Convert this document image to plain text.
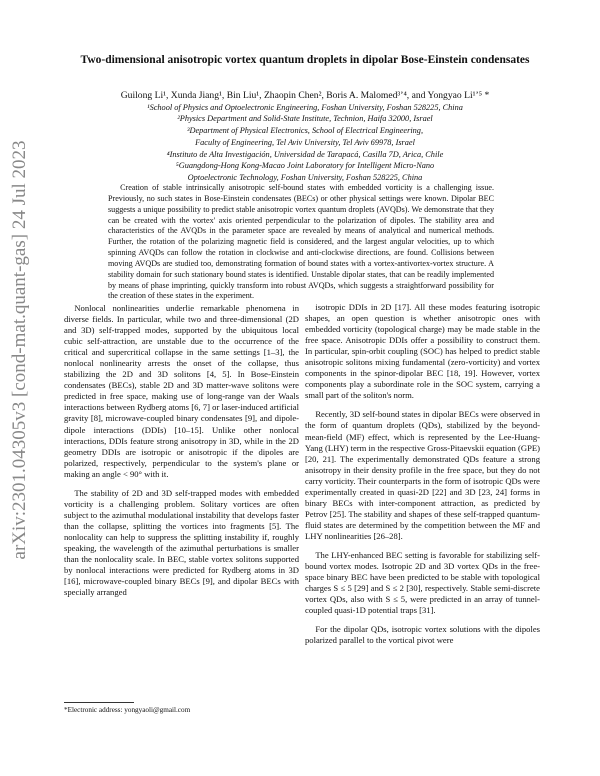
arXiv:2301.04305v3 [cond-mat.quant-gas] 24 Jul 2023
Two-dimensional anisotropic vortex quantum droplets in dipolar Bose-Einstein condensates
Guilong Li¹, Xunda Jiang¹, Bin Liu¹, Zhaopin Chen², Boris A. Malomed³ʼ⁴, and Yongyao Li¹ʼ⁵ *
¹School of Physics and Optoelectronic Engineering, Foshan University, Foshan 528225, China
²Physics Department and Solid-State Institute, Technion, Haifa 32000, Israel
³Department of Physical Electronics, School of Electrical Engineering,
Faculty of Engineering, Tel Aviv University, Tel Aviv 69978, Israel
⁴Instituto de Alta Investigación, Universidad de Tarapacá, Casilla 7D, Arica, Chile
⁵Guangdong-Hong Kong-Macao Joint Laboratory for Intelligent Micro-Nano
Optoelectronic Technology, Foshan University, Foshan 528225, China

Creation of stable intrinsically anisotropic self-bound states with embedded vorticity is a challenging issue. Previously, no such states in Bose-Einstein condensates (BECs) or other physical settings were known. Dipolar BEC suggests a unique possibility to predict stable anisotropic vortex quantum droplets (AVQDs). We demonstrate that they can be created with the vortex' axis oriented perpendicular to the polarization of dipoles. The stability area and characteristics of the AVQDs in the parameter space are revealed by means of analytical and numerical methods. Further, the rotation of the polarizing magnetic field is considered, and the largest angular velocities, up to which spinning AVQDs can follow the rotation in clockwise and anti-clockwise directions, are found. Collisions between moving AVQDs are studied too, demonstrating formation of bound states with a vortex-antivortex-vortex structure. A stability domain for such stationary bound states is identified. Unstable dipolar states, that can be readily implemented by means of phase imprinting, quickly transform into robust AVQDs, which suggests a straightforward possibility for the creation of these states in the experiment.

Nonlocal nonlinearities underlie remarkable phenomena in diverse fields. In particular, while two and three-dimensional (2D and 3D) self-trapped modes, supported by the ubiquitous local cubic self-attraction, are unstable due to the occurrence of the critical and supercritical collapse in the same settings [1–3], the nonlocal nonlinearity arrests the onset of the collapse, thus stabilizing the 2D and 3D solitons [4, 5]. In Bose-Einstein condensates (BECs), stable 2D and 3D matter-wave solitons were predicted in free space, making use of long-range van der Waals interactions between Rydberg atoms [6, 7] or laser-induced artificial gravity [8], microwave-coupled binary condensates [9], and dipole-dipole interactions (DDIs) [10–15]. Unlike other nonlocal interactions, DDIs feature strong anisotropy in 3D, while in the 2D geometry DDIs are isotropic or anisotropic if the dipoles are polarized, respectively, perpendicular to the system's plane or making an angle < 90° with it.

The stability of 2D and 3D self-trapped modes with embedded vorticity is a challenging problem. Solitary vortices are often subject to the azimuthal modulational instability that develops faster than the collapse, splitting the vortices into fragments [5]. The nonlocality can help to suppress the splitting instability if, roughly speaking, the wavelength of the azimuthal perturbations is smaller than the nonlocality scale. In BEC, stable vortex solitons supported by nonlocal interactions were predicted for Rydberg atoms in 3D [16], microwave-coupled binary BECs [9], and dipolar BECs with specially arranged

isotropic DDIs in 2D [17]. All these modes featuring isotropic shapes, an open question is whether anisotropic ones with embedded vorticity (topological charge) may be made stable in the free space. Anisotropic DDIs offer a possibility to construct them. In particular, spin-orbit coupling (SOC) has helped to predict stable anisotropic solitons mixing fundamental (zero-vorticity) and vortex components in the spinor-dipolar BEC [18, 19]. However, vortex components play a subordinate role in the SOC system, carrying a small part of the soliton's norm.

Recently, 3D self-bound states in dipolar BECs were observed in the form of quantum droplets (QDs), stabilized by the beyond-mean-field (MF) effect, which is represented by the Lee-Huang-Yang (LHY) term in the respective Gross-Pitaevskii equation (GPE) [20, 21]. The experimentally demonstrated QDs feature a strong anisotropy in their density profile in the free space, but they do not carry vorticity. Their counterparts in the form of isotropic QDs were experimentally created in quasi-2D [22] and 3D [23, 24] forms in binary BECs with inter-component attraction, as predicted by Petrov [25]. The stability and shapes of these self-trapped quantum-fluid states are determined by the competition between the MF and LHY nonlinearities [26–28].

The LHY-enhanced BEC setting is favorable for stabilizing self-bound vortex modes. Isotropic 2D and 3D vortex QDs in the free-space binary BEC have been predicted to be stable with topological charges S ≤ 5 [29] and S ≤ 2 [30], respectively. Stable semi-discrete vortex QDs, also with S ≤ 5, were predicted in an array of tunnel-coupled quasi-1D potential traps [31].

For the dipolar QDs, isotropic vortex solutions with the dipoles polarized parallel to the vortical pivot were

*Electronic address: yongyaoli@gmail.com
